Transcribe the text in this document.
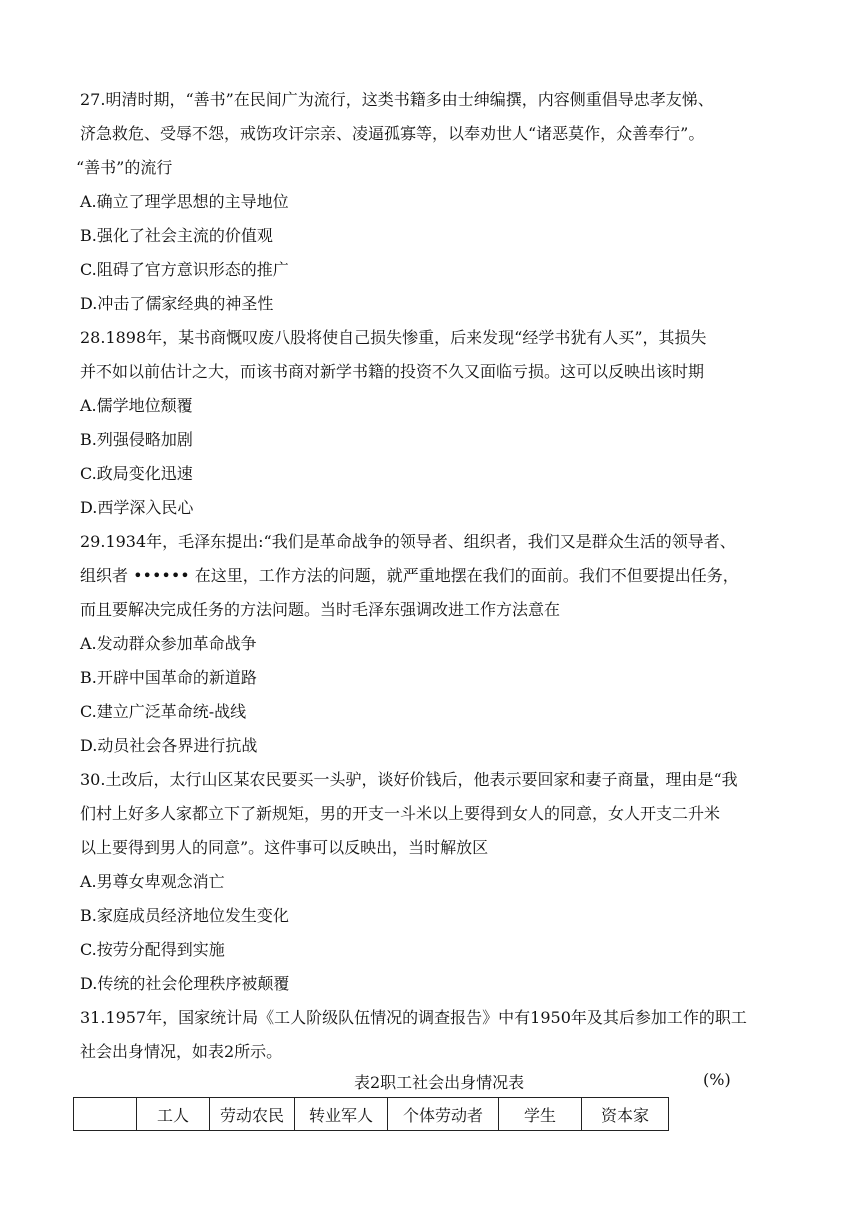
27.明清时期，“善书”在民间广为流行，这类书籍多由士绅编撰，内容侧重倡导忠孝友悌、
济急救危、受辱不怨，戒饬攻讦宗亲、凌逼孤寡等，以奉劝世人“诸恶莫作，众善奉行”。
“善书”的流行
A.确立了理学思想的主导地位
B.强化了社会主流的价值观
C.阻碍了官方意识形态的推广
D.冲击了儒家经典的神圣性
28.1898年，某书商慨叹废八股将使自己损失惨重，后来发现“经学书犹有人买”，其损失
并不如以前估计之大，而该书商对新学书籍的投资不久又面临亏损。这可以反映出该时期
A.儒学地位颓覆
B.列强侵略加剧
C.政局变化迅速
D.西学深入民心
29.1934年，毛泽东提出:“我们是革命战争的领导者、组织者，我们又是群众生活的领导者、
组织者 •••••• 在这里，工作方法的问题，就严重地摆在我们的面前。我们不但要提出任务，
而且要解决完成任务的方法问题。当时毛泽东强调改进工作方法意在
A.发动群众参加革命战争
B.开辟中国革命的新道路
C.建立广泛革命统-战线
D.动员社会各界进行抗战
30.土改后，太行山区某农民要买一头驴，谈好价钱后，他表示要回家和妻子商量，理由是“我
们村上好多人家都立下了新规矩，男的开支一斗米以上要得到女人的同意，女人开支二升米
以上要得到男人的同意”。这件事可以反映出，当时解放区
A.男尊女卑观念消亡
B.家庭成员经济地位发生变化
C.按劳分配得到实施
D.传统的社会伦理秩序被颠覆
31.1957年，国家统计局《工人阶级队伍情况的调查报告》中有1950年及其后参加工作的职工
社会出身情况，如表2所示。
表2职工社会出身情况表	(%)
	工人	劳动农民	转业军人	个体劳动者	学生	资本家
